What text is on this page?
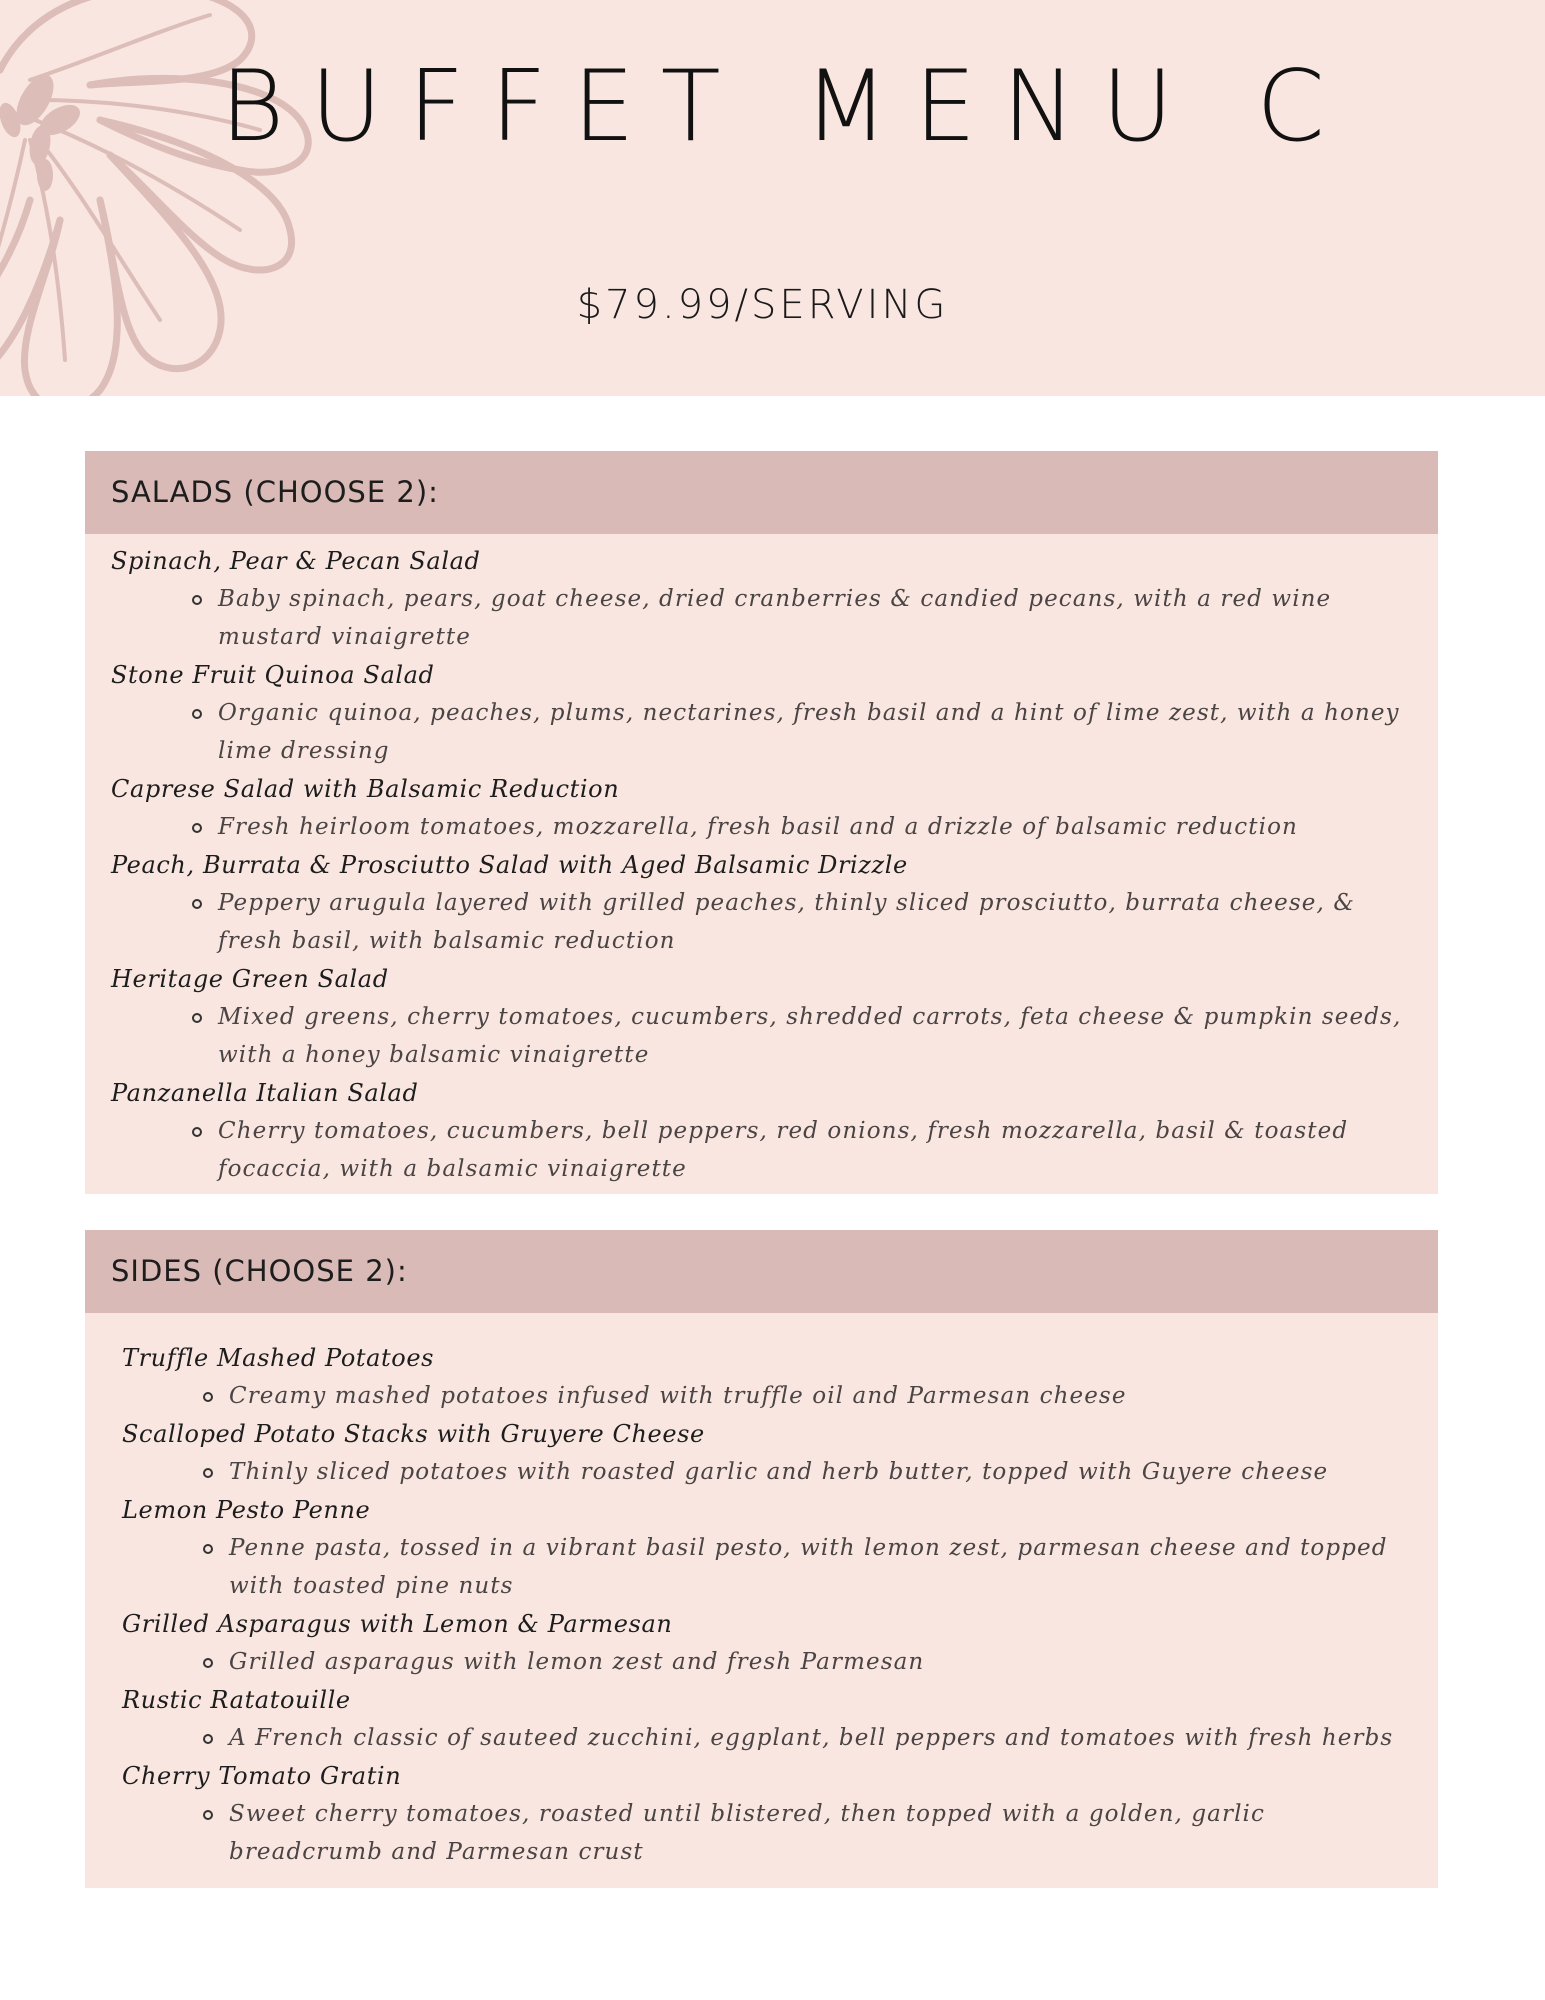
BUFFET MENU C
$79.99/SERVING
SALADS (CHOOSE 2):
Spinach, Pear & Pecan Salad
Baby spinach, pears, goat cheese, dried cranberries & candied pecans, with a red wine mustard vinaigrette
Stone Fruit Quinoa Salad
Organic quinoa, peaches, plums, nectarines, fresh basil and a hint of lime zest, with a honey lime dressing
Caprese Salad with Balsamic Reduction
Fresh heirloom tomatoes, mozzarella, fresh basil and a drizzle of balsamic reduction
Peach, Burrata & Prosciutto Salad with Aged Balsamic Drizzle
Peppery arugula layered with grilled peaches, thinly sliced prosciutto, burrata cheese, & fresh basil, with balsamic reduction
Heritage Green Salad
Mixed greens, cherry tomatoes, cucumbers, shredded carrots, feta cheese & pumpkin seeds, with a honey balsamic vinaigrette
Panzanella Italian Salad
Cherry tomatoes, cucumbers, bell peppers, red onions, fresh mozzarella, basil & toasted focaccia, with a balsamic vinaigrette
SIDES (CHOOSE 2):
Truffle Mashed Potatoes
Creamy mashed potatoes infused with truffle oil and Parmesan cheese
Scalloped Potato Stacks with Gruyere Cheese
Thinly sliced potatoes with roasted garlic and herb butter, topped with Guyere cheese
Lemon Pesto Penne
Penne pasta, tossed in a vibrant basil pesto, with lemon zest, parmesan cheese and topped with toasted pine nuts
Grilled Asparagus with Lemon & Parmesan
Grilled asparagus with lemon zest and fresh Parmesan
Rustic Ratatouille
A French classic of sauteed zucchini, eggplant, bell peppers and tomatoes with fresh herbs
Cherry Tomato Gratin
Sweet cherry tomatoes, roasted until blistered, then topped with a golden, garlic breadcrumb and Parmesan crust
